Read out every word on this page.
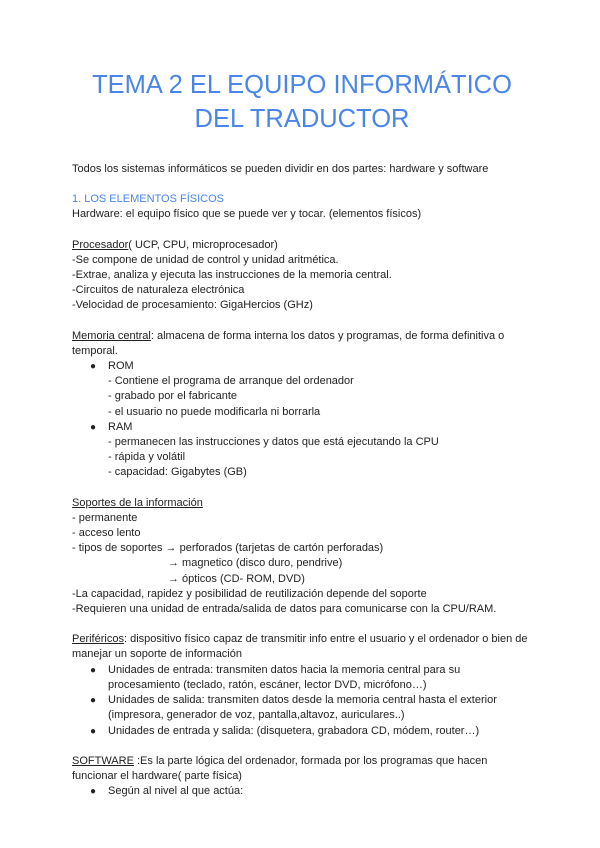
TEMA 2 EL EQUIPO INFORMÁTICO
DEL TRADUCTOR
Todos los sistemas informáticos se pueden dividir en dos partes: hardware y software
1. LOS ELEMENTOS FÍSICOS
Hardware: el equipo físico que se puede ver y tocar. (elementos físicos)
Procesador( UCP, CPU, microprocesador)
-Se compone de unidad de control y unidad aritmética.
-Extrae, analiza y ejecuta las instrucciones de la memoria central.
-Circuitos de naturaleza electrónica
-Velocidad de procesamiento: GigaHercios (GHz)
Memoria central: almacena de forma interna los datos y programas, de forma definitiva o temporal.
● ROM
- Contiene el programa de arranque del ordenador
- grabado por el fabricante
- el usuario no puede modificarla ni borrarla
● RAM
- permanecen las instrucciones y datos que está ejecutando la CPU
- rápida y volátil
- capacidad: Gigabytes (GB)
Soportes de la información
- permanente
- acceso lento
- tipos de soportes → perforados (tarjetas de cartón perforadas)
→ magnetico (disco duro, pendrive)
→ ópticos (CD- ROM, DVD)
-La capacidad, rapidez y posibilidad de reutilización depende del soporte
-Requieren una unidad de entrada/salida de datos para comunicarse con la CPU/RAM.
Periféricos: dispositivo físico capaz de transmitir info entre el usuario y el ordenador o bien de manejar un soporte de información
● Unidades de entrada: transmiten datos hacia la memoria central para su procesamiento (teclado, ratón, escáner, lector DVD, micrófono…)
● Unidades de salida: transmiten datos desde la memoria central hasta el exterior (impresora, generador de voz, pantalla,altavoz, auriculares..)
● Unidades de entrada y salida: (disquetera, grabadora CD, módem, router…)
SOFTWARE :Es la parte lógica del ordenador, formada por los programas que hacen funcionar el hardware( parte física)
● Según al nivel al que actúa:
